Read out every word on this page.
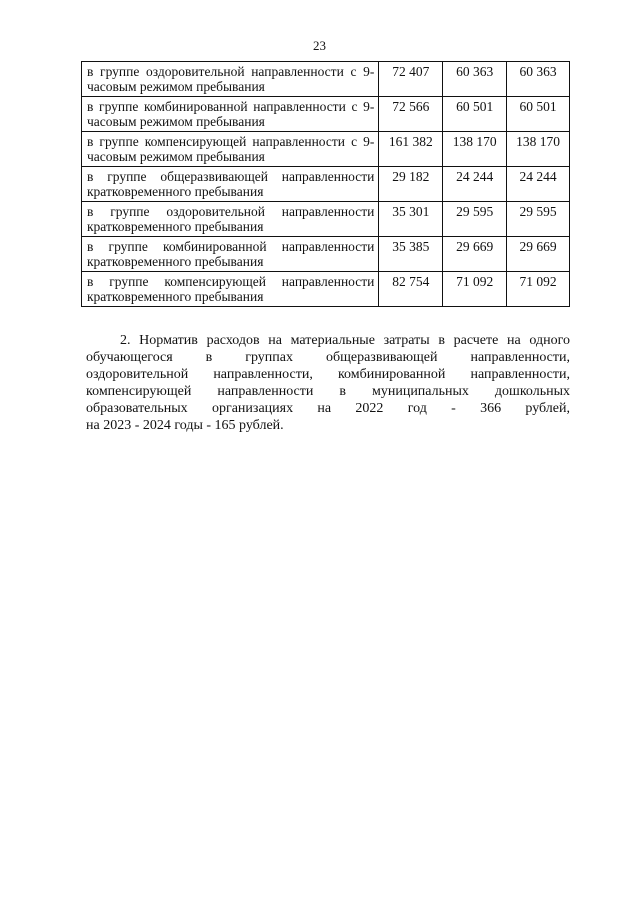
23
в группе оздоровительной направленности с 9-часовым режимом пребывания	72 407	60 363	60 363
в группе комбинированной направленности с 9-часовым режимом пребывания	72 566	60 501	60 501
в группе компенсирующей направленности с 9-часовым режимом пребывания	161 382	138 170	138 170
в группе общеразвивающей направленности кратковременного пребывания	29 182	24 244	24 244
в группе оздоровительной направленности кратковременного пребывания	35 301	29 595	29 595
в группе комбинированной направленности кратковременного пребывания	35 385	29 669	29 669
в группе компенсирующей направленности кратковременного пребывания	82 754	71 092	71 092

2. Норматив расходов на материальные затраты в расчете на одного
обучающегося в группах общеразвивающей направленности,
оздоровительной направленности, комбинированной направленности,
компенсирующей направленности в муниципальных дошкольных
образовательных организациях на 2022 год - 366 рублей,
на 2023 - 2024 годы - 165 рублей.
